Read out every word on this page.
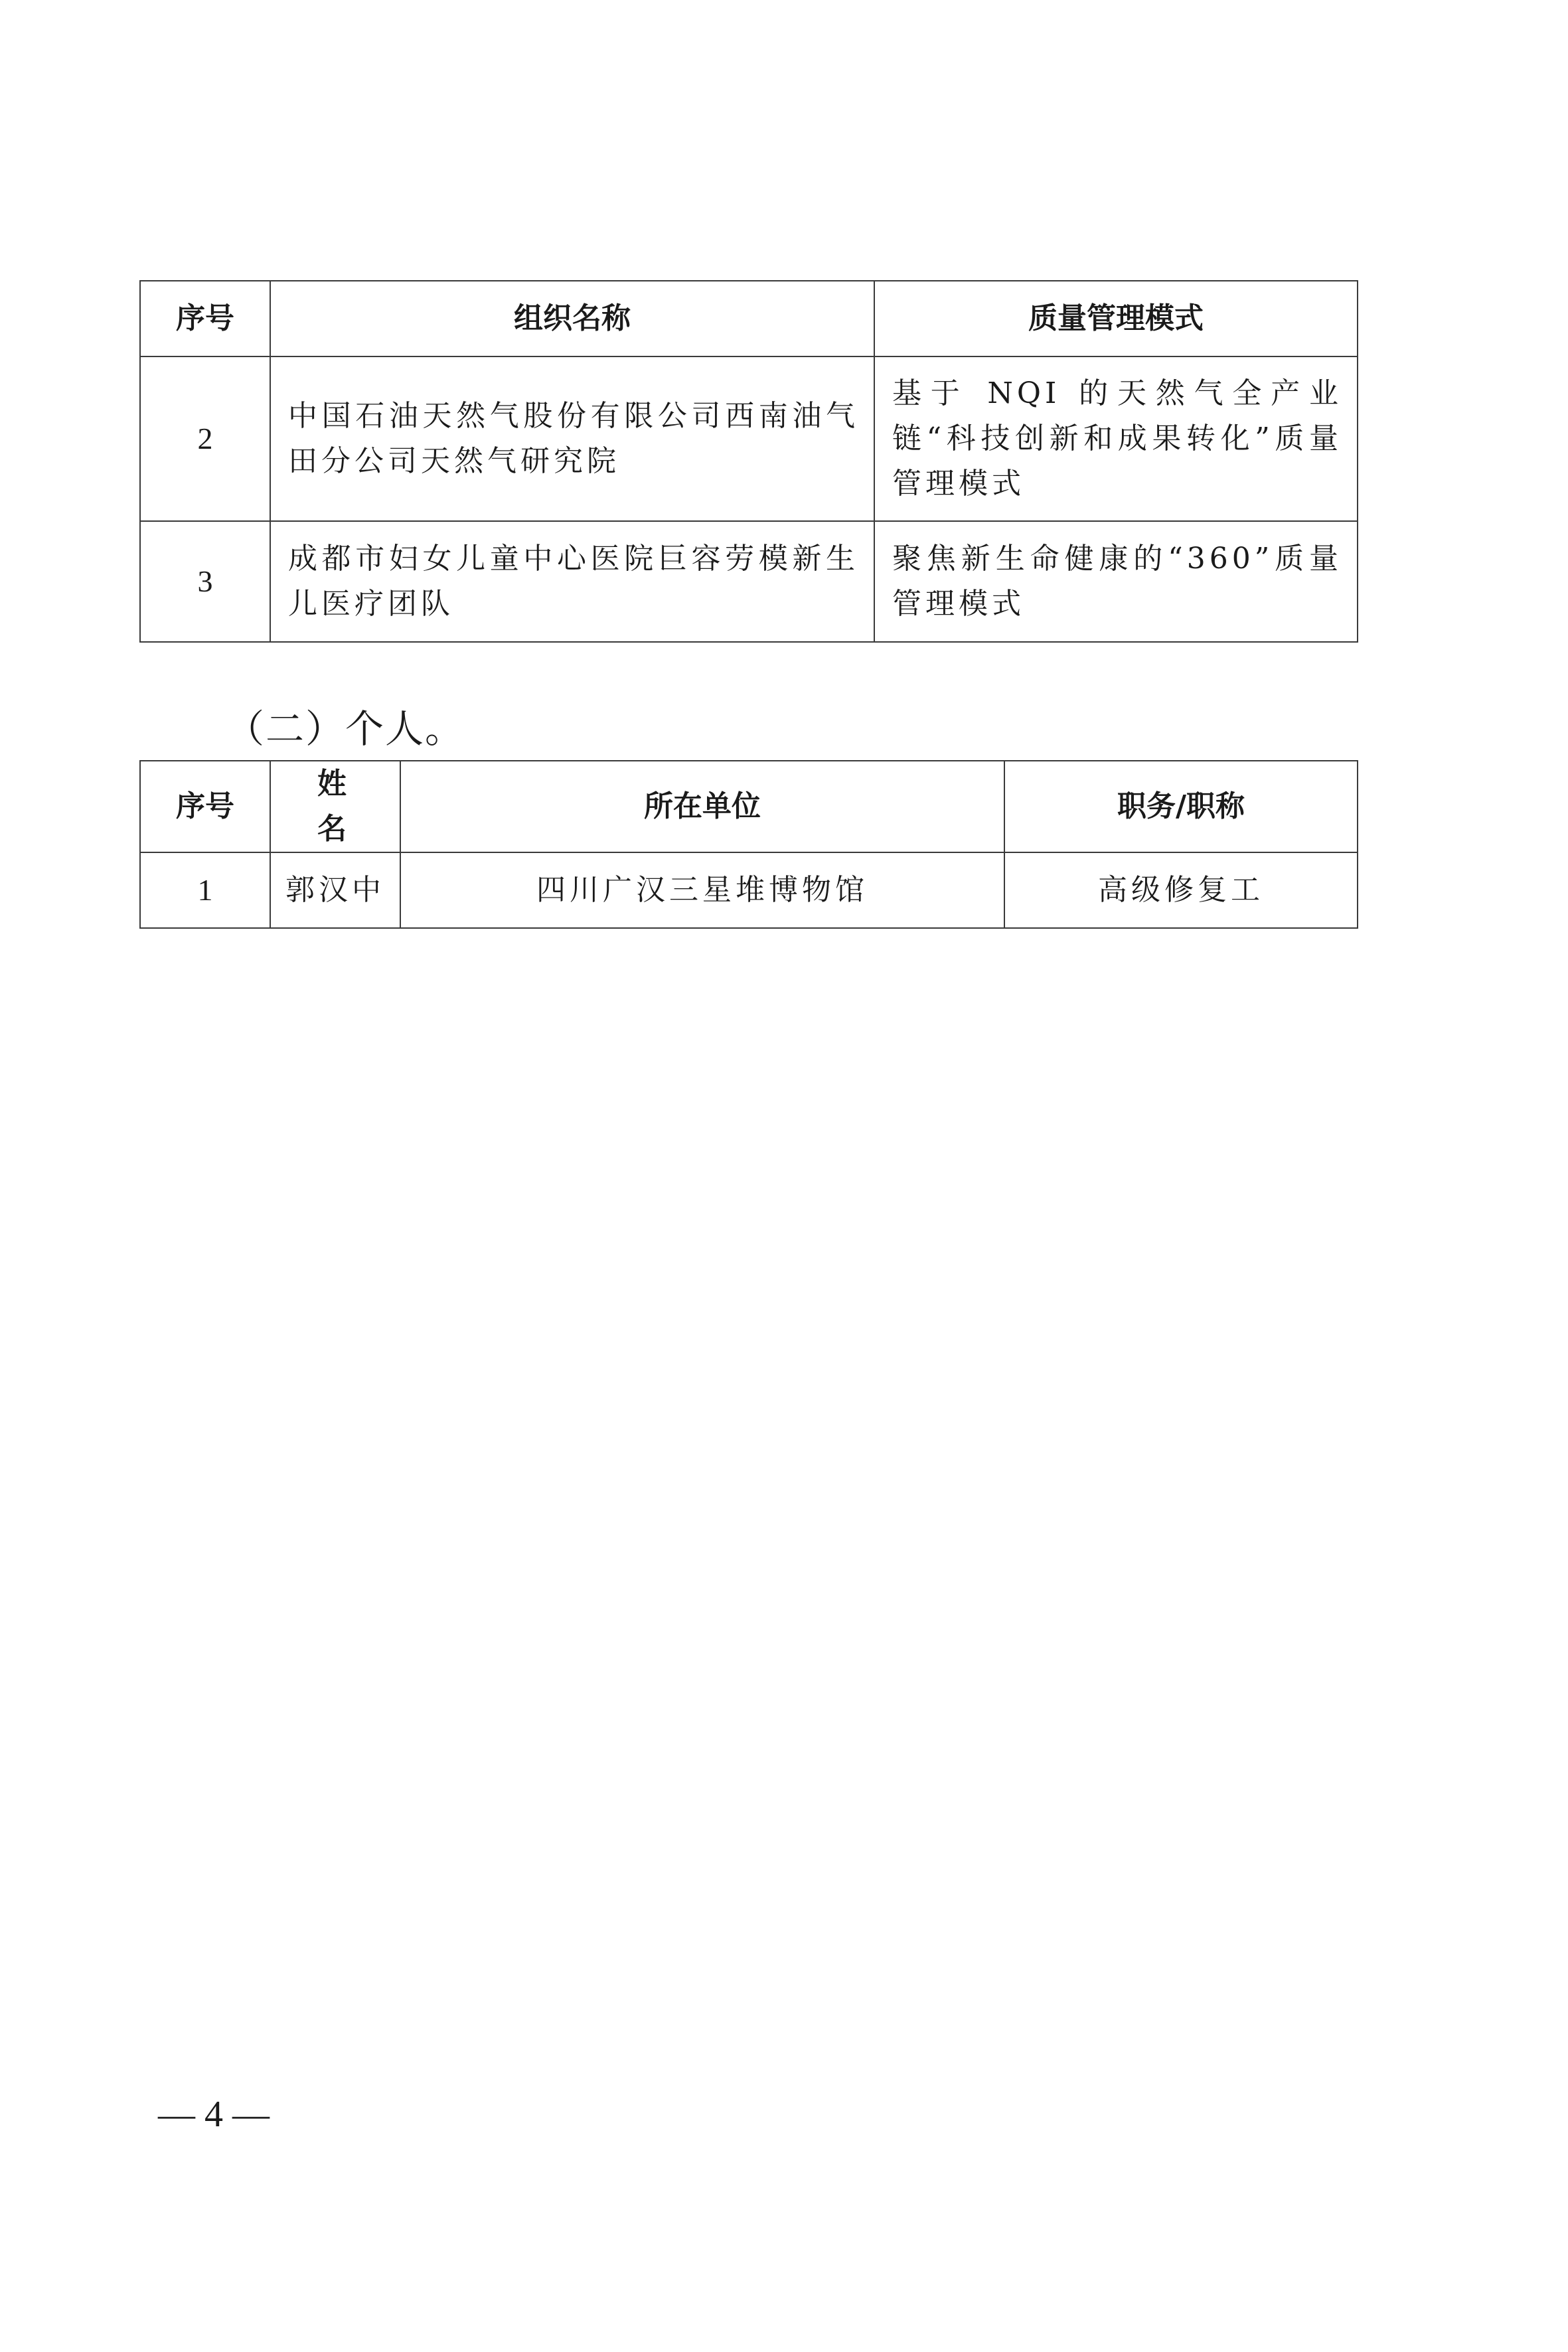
序号	组织名称	质量管理模式
2	中国石油天然气股份有限公司西南油气田分公司天然气研究院	基于 NQI 的天然气全产业链“科技创新和成果转化”质量管理模式
3	成都市妇女儿童中心医院巨容劳模新生儿医疗团队	聚焦新生命健康的“360”质量管理模式
（二）个人。
序号	姓 名	所在单位	职务/职称
1	郭汉中	四川广汉三星堆博物馆	高级修复工
— 4 —
